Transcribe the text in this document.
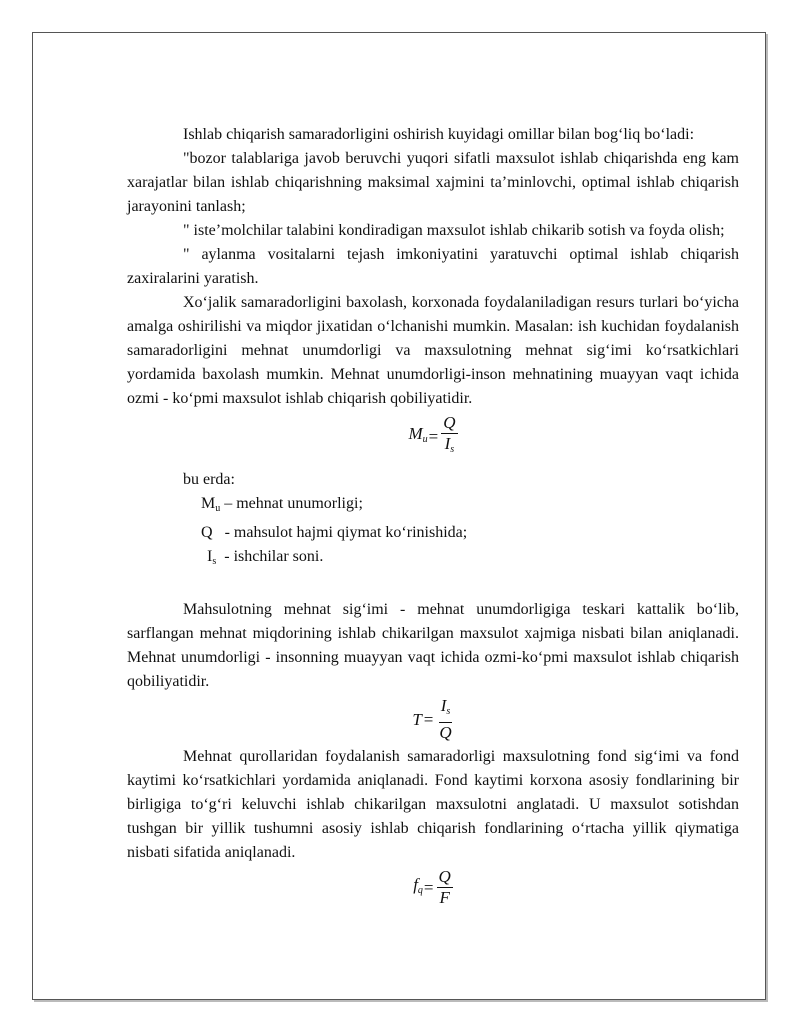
Ishlab chiqarish samaradorligini oshirish kuyidagi omillar bilan bog‘liq bo‘ladi:

"bozor talablariga javob beruvchi yuqori sifatli maxsulot ishlab chiqarishda eng kam xarajatlar bilan ishlab chiqarishning maksimal xajmini ta’minlovchi, optimal ishlab chiqarish jarayonini tanlash;

" iste’molchilar talabini kondiradigan maxsulot ishlab chikarib sotish va foyda olish;

" aylanma vositalarni tejash imkoniyatini yaratuvchi optimal ishlab chiqarish zaxiralarini yaratish.

Xo‘jalik samaradorligini baxolash, korxonada foydalaniladigan resurs turlari bo‘yicha amalga oshirilishi va miqdor jixatidan o‘lchanishi mumkin. Masalan: ish kuchidan foydalanish samaradorligini mehnat unumdorligi va maxsulotning mehnat sig‘imi ko‘rsatkichlari yordamida baxolash mumkin. Mehnat unumdorligi-inson mehnatining muayyan vaqt ichida ozmi - ko‘pmi maxsulot ishlab chiqarish qobiliyatidir.

$M_u = \frac{Q}{I_s}$

bu erda:

$M_u$ – mehnat unumorligi;
Q   - mahsulot hajmi qiymat ko‘rinishida;
$I_s$  - ishchilar soni.

Mahsulotning mehnat sig‘imi - mehnat unumdorligiga teskari kattalik bo‘lib, sarflangan mehnat miqdorining ishlab chikarilgan maxsulot xajmiga nisbati bilan aniqlanadi. Mehnat unumdorligi - insonning muayyan vaqt ichida ozmi-ko‘pmi maxsulot ishlab chiqarish qobiliyatidir.

$T = \frac{I_s}{Q}$

Mehnat qurollaridan foydalanish samaradorligi maxsulotning fond sig‘imi va fond kaytimi ko‘rsatkichlari yordamida aniqlanadi. Fond kaytimi korxona asosiy fondlarining bir birligiga to‘g‘ri keluvchi ishlab chikarilgan maxsulotni anglatadi. U maxsulot sotishdan tushgan bir yillik tushumni asosiy ishlab chiqarish fondlarining o‘rtacha yillik qiymatiga nisbati sifatida aniqlanadi.

$f_q = \frac{Q}{F}$
